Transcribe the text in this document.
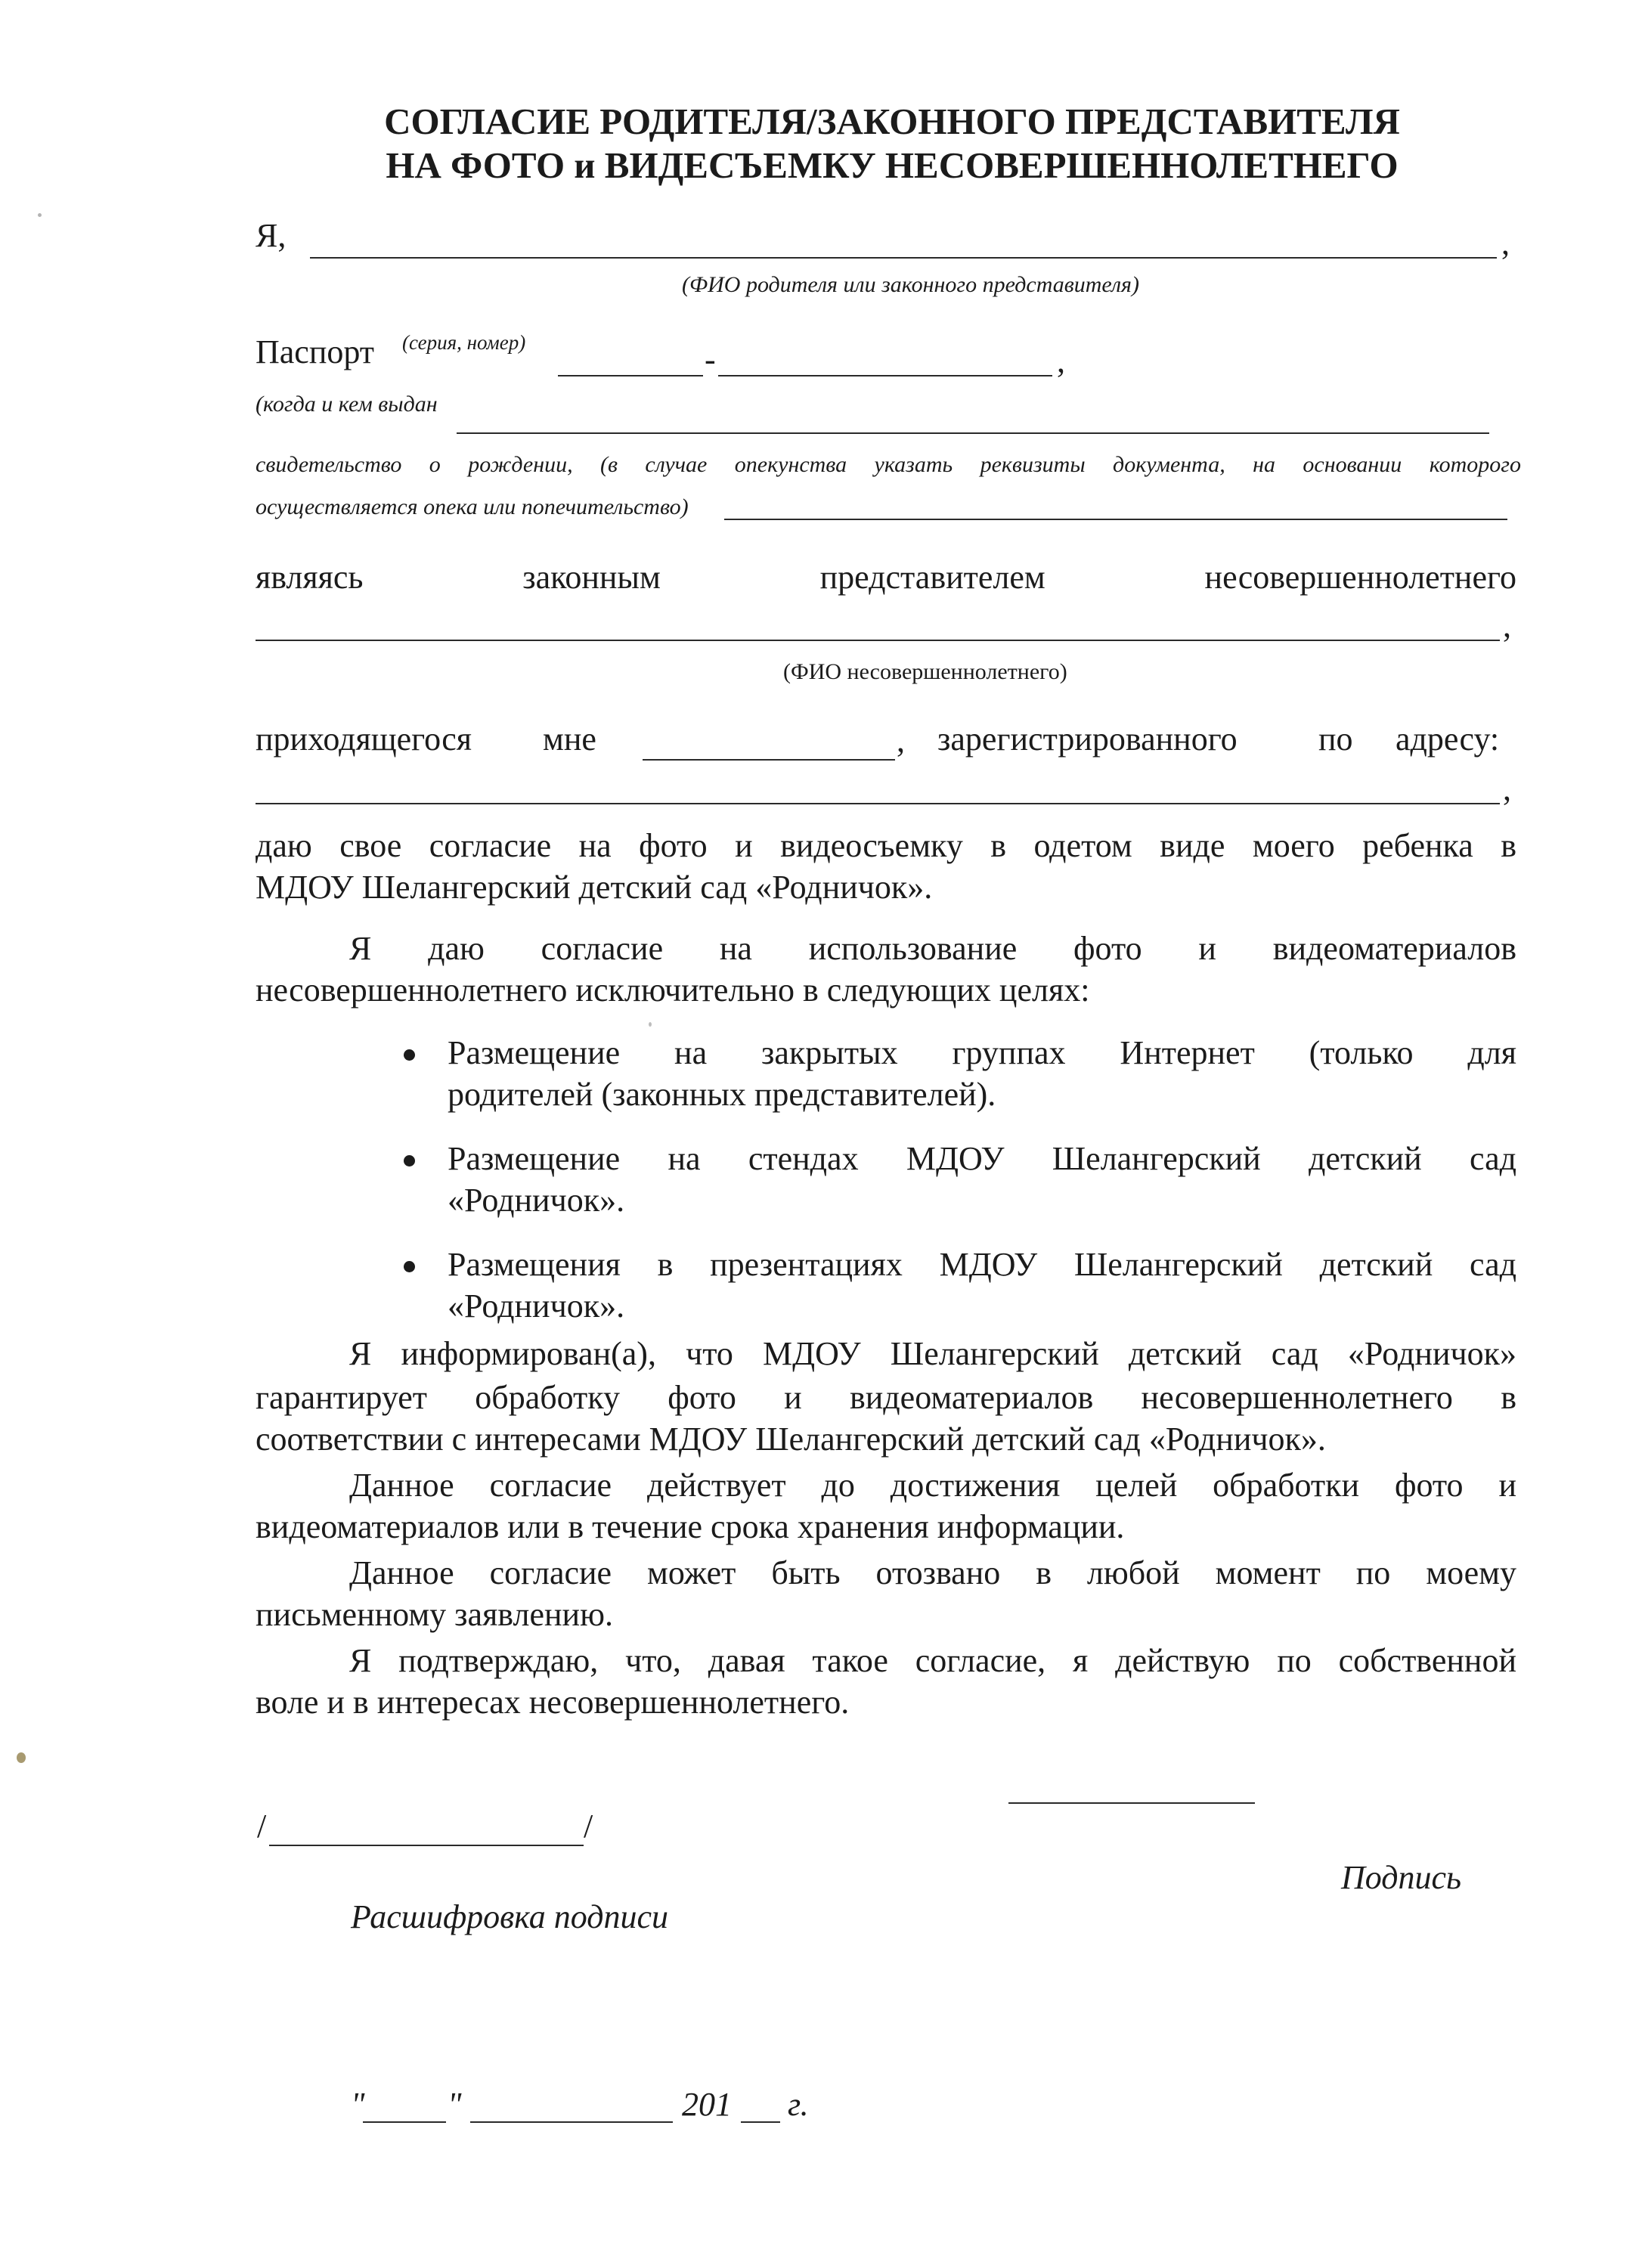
СОГЛАСИЕ РОДИТЕЛЯ/ЗАКОННОГО ПРЕДСТАВИТЕЛЯ
НА ФОТО и ВИДЕСЪЕМКУ НЕСОВЕРШЕННОЛЕТНЕГО
Я,	,
(ФИО родителя или законного представителя)
Паспорт (серия, номер)	-	,
(когда и кем выдан
свидетельство о рождении, (в случае опекунства указать реквизиты документа, на основании которого
осуществляется опека или попечительство)
являясь	законным	представителем	несовершеннолетнего
,
(ФИО несовершеннолетнего)
приходящегося мне	, зарегистрированного по адресу:
,
даю свое согласие на фото и видеосъемку в одетом виде моего ребенка в
МДОУ Шелангерский детский сад «Родничок».
Я даю согласие на использование фото и видеоматериалов
несовершеннолетнего исключительно в следующих целях:
Размещение на закрытых группах Интернет (только для
родителей (законных представителей).
Размещение на стендах МДОУ Шелангерский детский сад
«Родничок».
Размещения в презентациях МДОУ Шелангерский детский сад
«Родничок».
Я информирован(а), что МДОУ Шелангерский детский сад «Родничок»
гарантирует обработку фото и видеоматериалов несовершеннолетнего в
соответствии с интересами МДОУ Шелангерский детский сад «Родничок».
Данное согласие действует до достижения целей обработки фото и
видеоматериалов или в течение срока хранения информации.
Данное согласие может быть отозвано в любой момент по моему
письменному заявлению.
Я подтверждаю, что, давая такое согласие, я действую по собственной
воле и в интересах несовершеннолетнего.
/	/
Подпись
Расшифровка подписи
" "	201 г.
